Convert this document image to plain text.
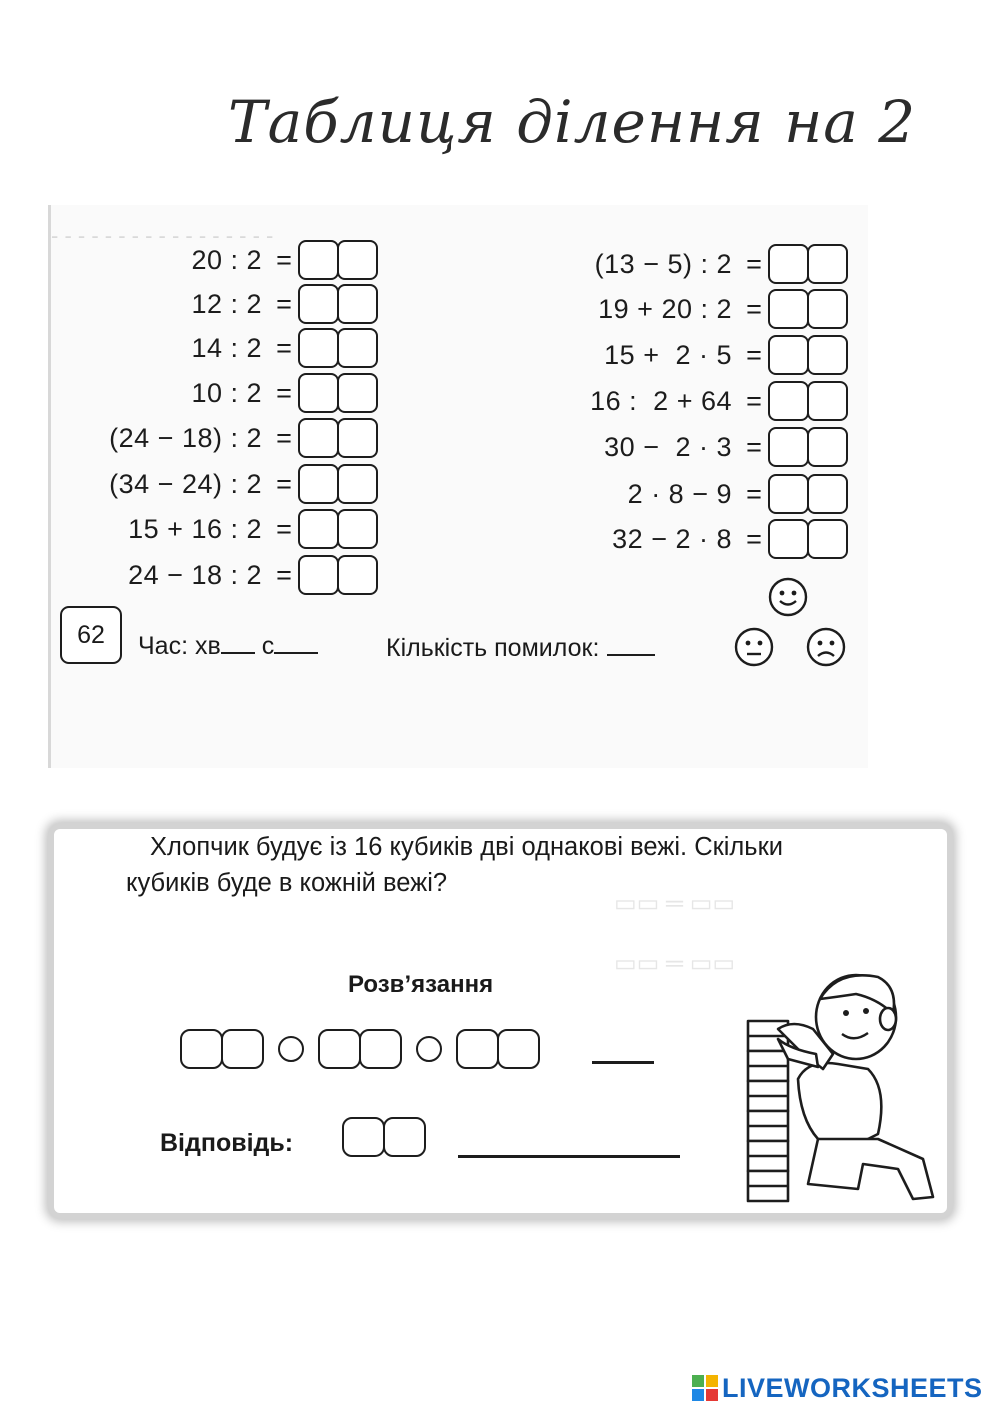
Таблиця ділення на 2
- - - - - - - - - - - - - - - - -
20 : 2 =
12 : 2 =
14 : 2 =
10 : 2 =
(24 − 18) : 2 =
(34 − 24) : 2 =
15 + 16 : 2 =
24 − 18 : 2 =
(13 − 5) : 2 =
19 + 20 : 2 =
15 +  2 · 5 =
16 :  2 + 64 =
30 −  2 · 3 =
2 · 8 − 9 =
32 − 2 · 8 =
62	Час: хв с	Кількість помилок:
▭▭ ═ ▭▭
▭▭ ═ ▭▭
Хлопчик будує із 16 кубиків дві однакові вежі. Скільки
кубиків буде в кожній вежі?
Розв’язання
Відповідь:
LIVEWORKSHEETS
